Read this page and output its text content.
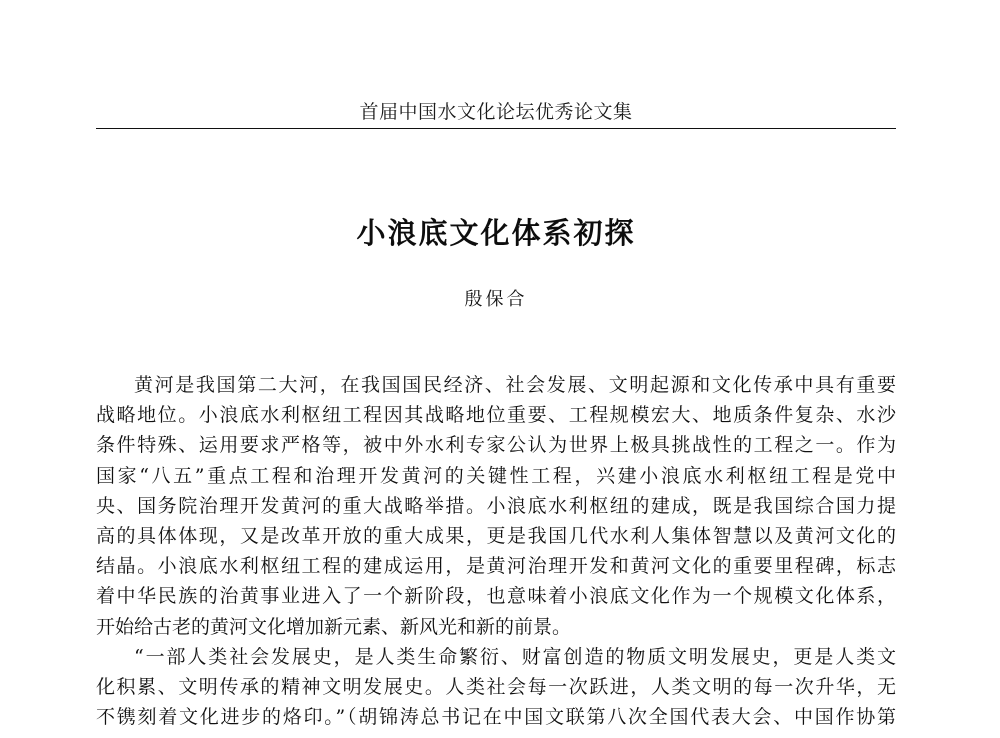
首届中国水文化论坛优秀论文集
小浪底文化体系初探
殷保合
黄河是我国第二大河，在我国国民经济、社会发展、文明起源和文化传承中具有重要
战略地位。小浪底水利枢纽工程因其战略地位重要、工程规模宏大、地质条件复杂、水沙
条件特殊、运用要求严格等，被中外水利专家公认为世界上极具挑战性的工程之一。作为
国家“八五”重点工程和治理开发黄河的关键性工程，兴建小浪底水利枢纽工程是党中
央、国务院治理开发黄河的重大战略举措。小浪底水利枢纽的建成，既是我国综合国力提
高的具体体现，又是改革开放的重大成果，更是我国几代水利人集体智慧以及黄河文化的
结晶。小浪底水利枢纽工程的建成运用，是黄河治理开发和黄河文化的重要里程碑，标志
着中华民族的治黄事业进入了一个新阶段，也意味着小浪底文化作为一个规模文化体系，
开始给古老的黄河文化增加新元素、新风光和新的前景。
“一部人类社会发展史，是人类生命繁衍、财富创造的物质文明发展史，更是人类文
化积累、文明传承的精神文明发展史。人类社会每一次跃进，人类文明的每一次升华，无
不镌刻着文化进步的烙印。”（胡锦涛总书记在中国文联第八次全国代表大会、中国作协第
